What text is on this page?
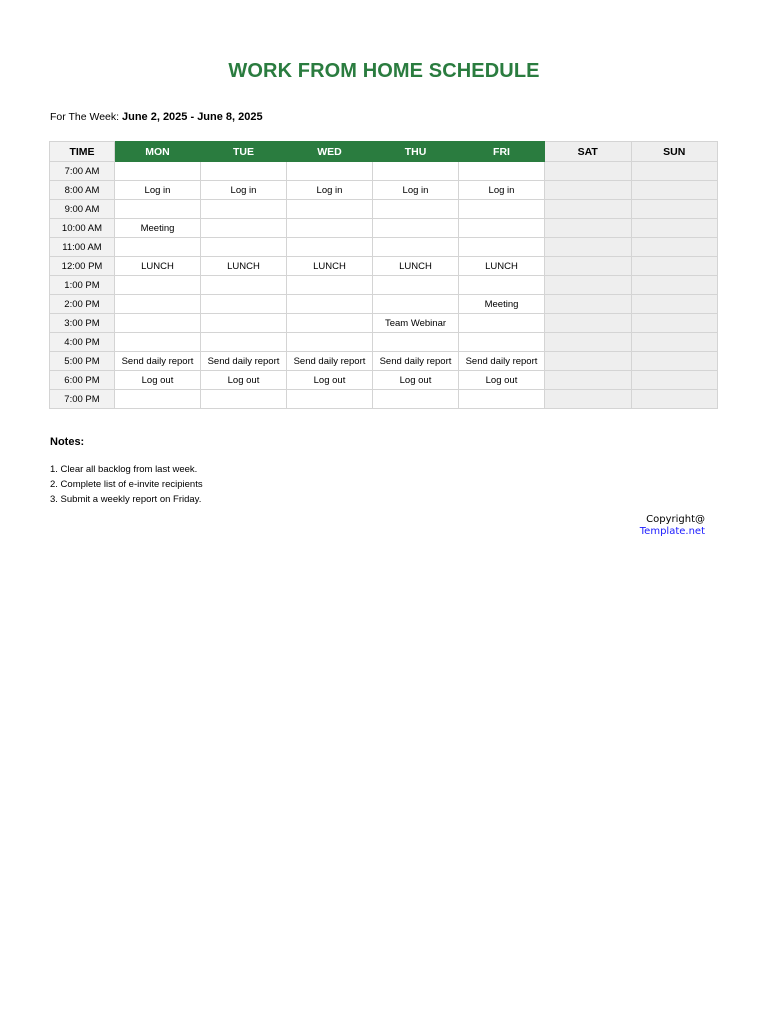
WORK FROM HOME SCHEDULE
For The Week: June 2, 2025 - June 8, 2025
TIME	MON	TUE	WED	THU	FRI	SAT	SUN
7:00 AM							
8:00 AM	Log in	Log in	Log in	Log in	Log in		
9:00 AM							
10:00 AM	Meeting						
11:00 AM							
12:00 PM	LUNCH	LUNCH	LUNCH	LUNCH	LUNCH		
1:00 PM							
2:00 PM					Meeting		
3:00 PM				Team Webinar			
4:00 PM							
5:00 PM	Send daily report	Send daily report	Send daily report	Send daily report	Send daily report		
6:00 PM	Log out	Log out	Log out	Log out	Log out		
7:00 PM							
Notes:
1. Clear all backlog from last week.
2. Complete list of e-invite recipients
3. Submit a weekly report on Friday.
Copyright@
Template.net
